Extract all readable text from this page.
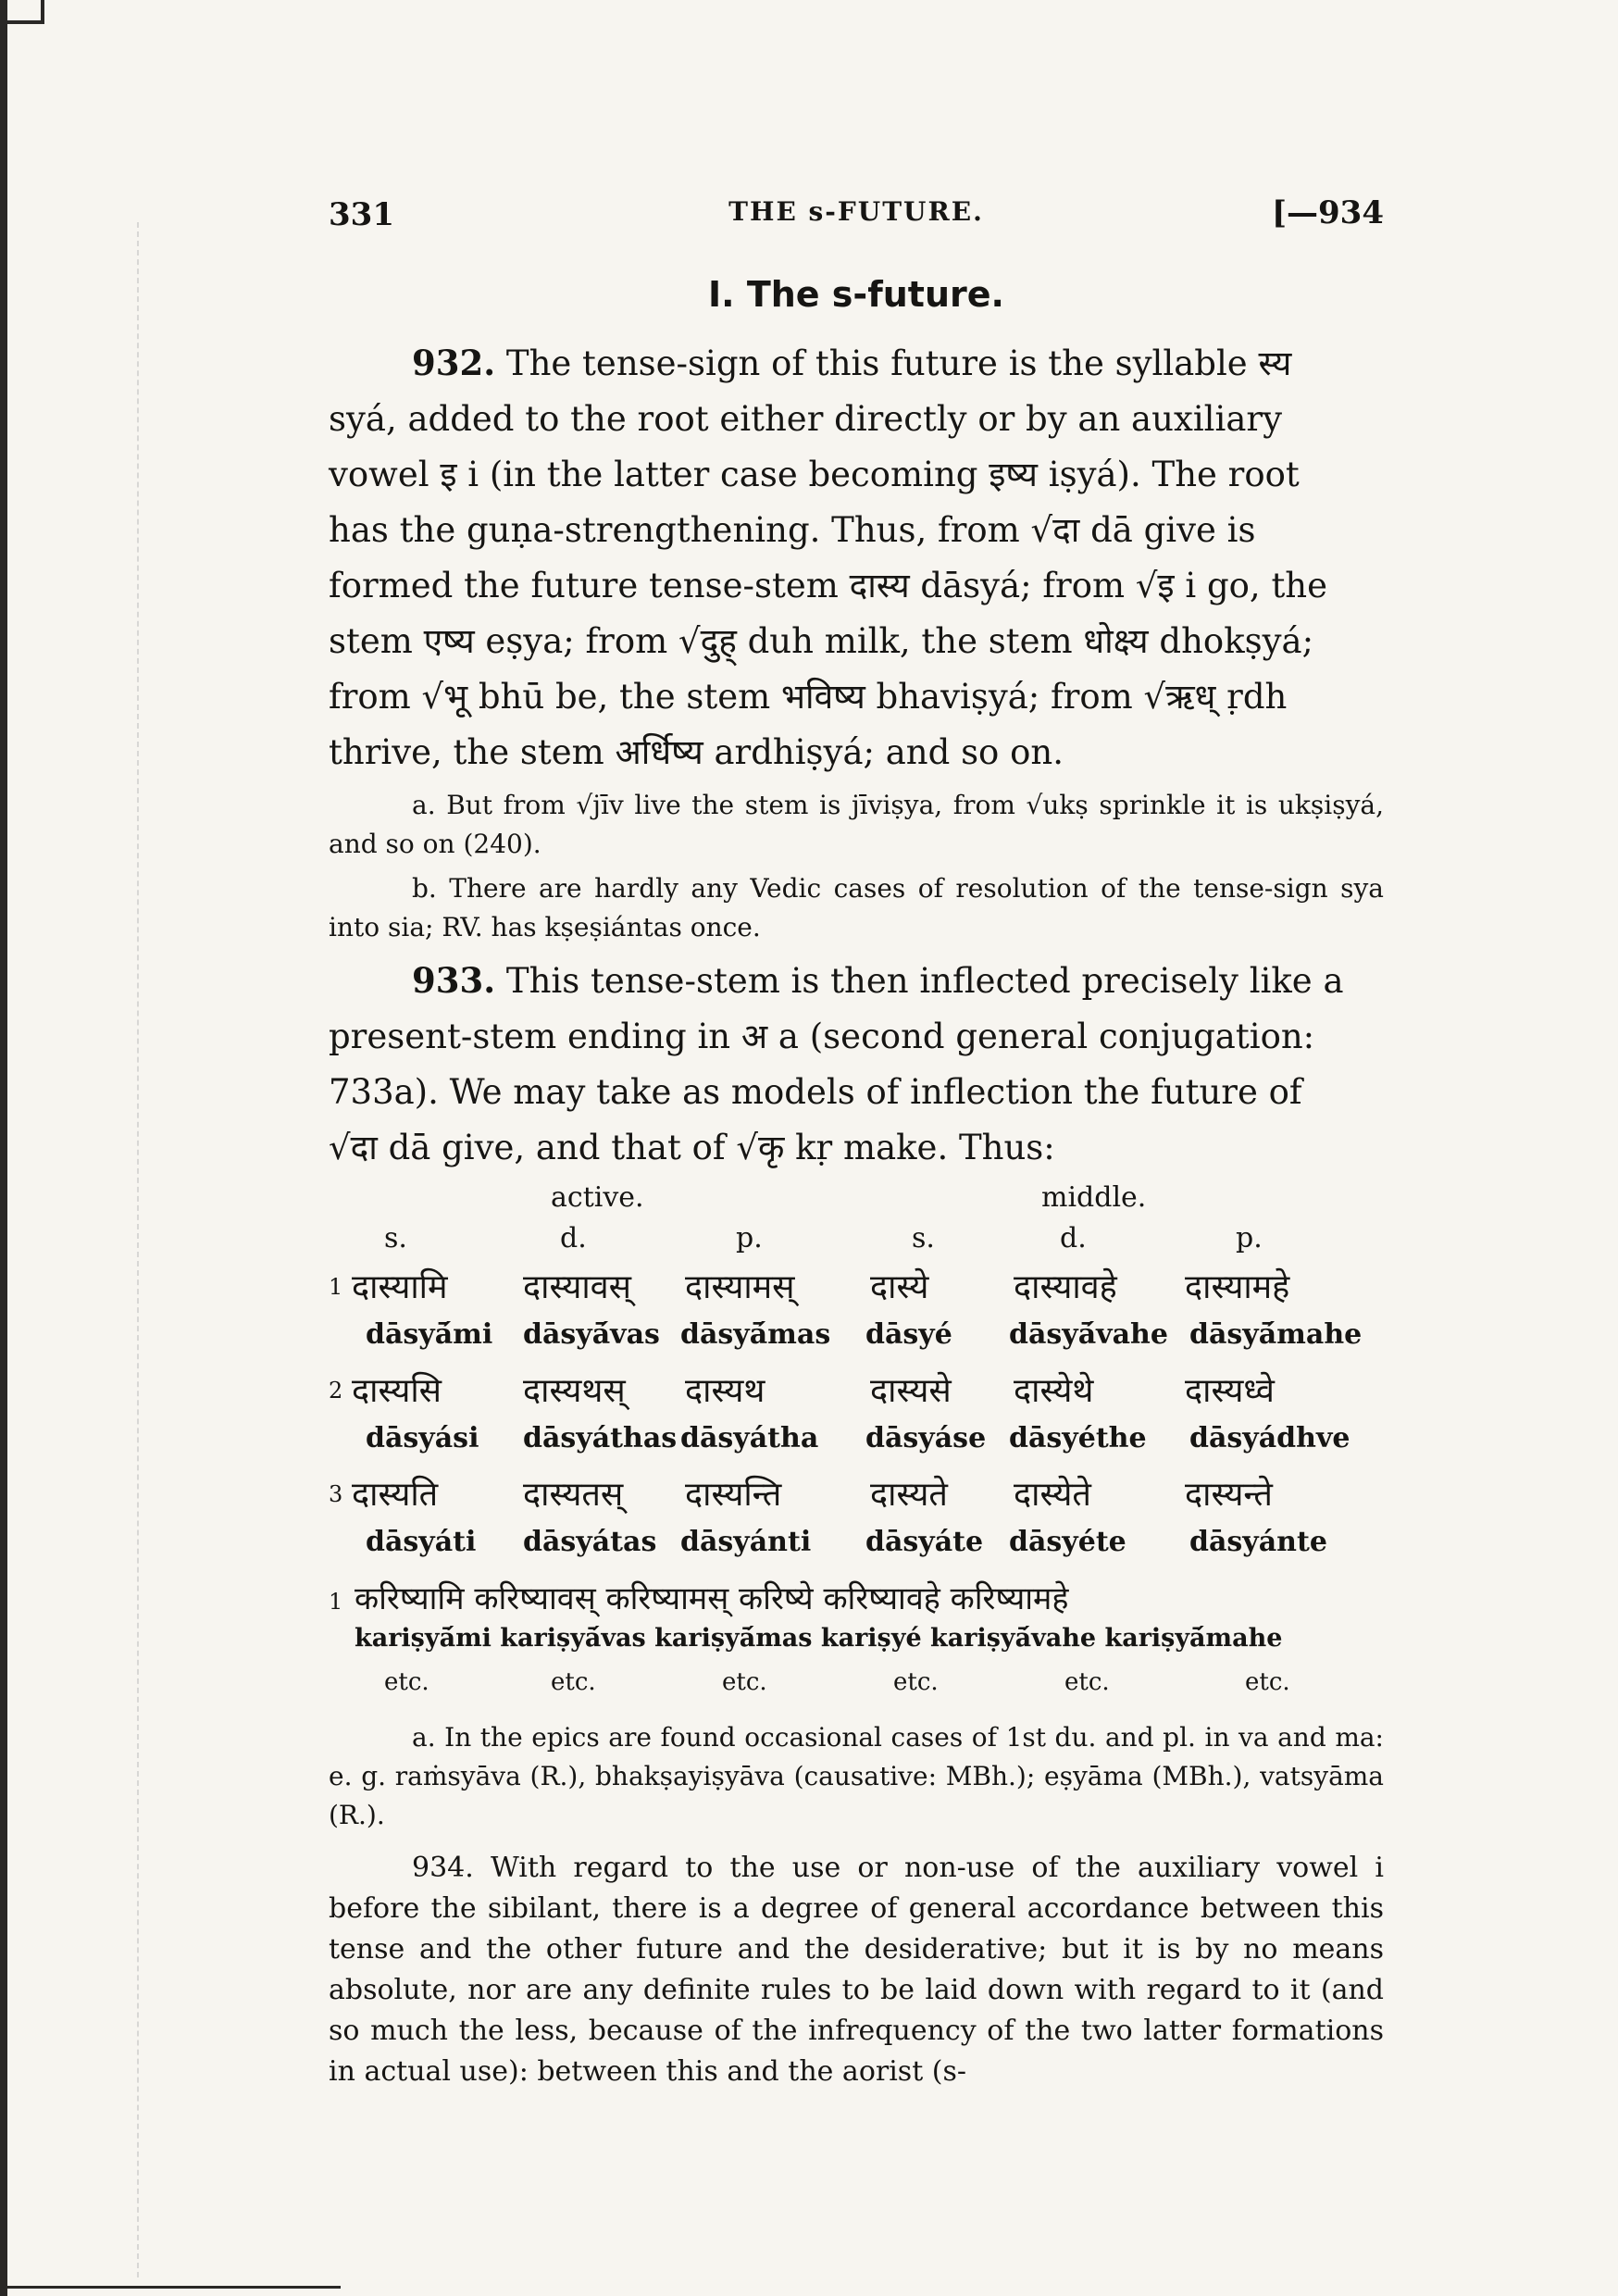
331	THE s-FUTURE.	[—934
I. The s-future.
932. The tense-sign of this future is the syllable स्य
syá, added to the root either directly or by an auxiliary
vowel इ i (in the latter case becoming इष्य iṣyá). The root
has the guṇa-strengthening. Thus, from √दा dā give is
formed the future tense-stem दास्य dāsyá; from √इ i go, the
stem एष्य eṣya; from √दुह् duh milk, the stem धोक्ष्य dhokṣyá;
from √भू bhū be, the stem भविष्य bhaviṣyá; from √ऋध् ṛdh
thrive, the stem अर्धिष्य ardhiṣyá; and so on.

a. But from √jīv live the stem is jīviṣya, from √ukṣ sprinkle it is ukṣiṣyá, and so on (240).

b. There are hardly any Vedic cases of resolution of the tense-sign sya into sia; RV. has kṣeṣiántas once.

933. This tense-stem is then inflected precisely like a
present-stem ending in अ a (second general conjugation:
733a). We may take as models of inflection the future of
√दा dā give, and that of √कृ kṛ make. Thus:
active.	middle.
s.	d.	p.	s.	d.	p.
1 दास्यामि दास्यावस् दास्यामस् दास्ये	दास्यावहे दास्यामहे
dāsyā́mi dāsyā́vas dāsyā́mas dāsyé dāsyā́vahe dāsyā́mahe
2 दास्यसि दास्यथस् दास्यथ	दास्यसे दास्येथे	दास्यध्वे
dāsyási dāsyáthas dāsyátha dāsyáse dāsyéthe dāsyádhve
3 दास्यति	दास्यतस् दास्यन्ति	दास्यते दास्येते	दास्यन्ते
dāsyáti dāsyátas dāsyánti dāsyáte dāsyéte dāsyánte
1 करिष्यामि करिष्यावस् करिष्यामस् करिष्ये करिष्यावहे करिष्यामहे
kariṣyā́mi kariṣyā́vas kariṣyā́mas kariṣyé kariṣyā́vahe kariṣyā́mahe
etc.	etc.	etc.	etc.	etc.	etc.

a. In the epics are found occasional cases of 1st du. and pl. in va and ma: e. g. raṁsyāva (R.), bhakṣayiṣyāva (causative: MBh.); eṣyāma (MBh.), vatsyāma (R.).

934. With regard to the use or non-use of the auxiliary vowel i before the sibilant, there is a degree of general accordance between this tense and the other future and the desiderative; but it is by no means absolute, nor are any definite rules to be laid down with regard to it (and so much the less, because of the infrequency of the two latter formations in actual use): between this and the aorist (s-
